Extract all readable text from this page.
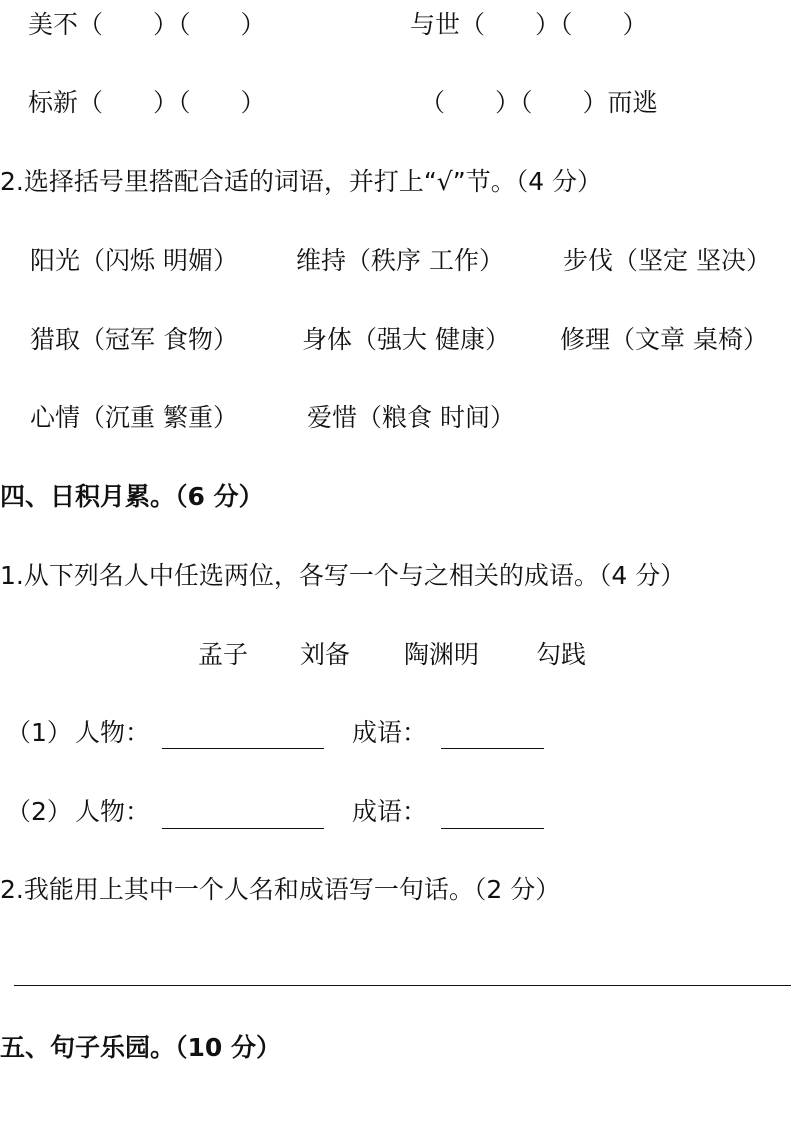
美不（　　）（　　）	与世（　　）（　　）
标新（　　）（　　）	（　　）（　　）而逃
2.选择括号里搭配合适的词语，并打上“√”节。（4 分）
阳光（闪烁 明媚） 维持（秩序 工作） 步伐（坚定 坚决）
猎取（冠军 食物）	身体（强大 健康） 修理（文章 桌椅）
心情（沉重 繁重）	爱惜（粮食 时间）
四、日积月累。（6 分）
1.从下列名人中任选两位，各写一个与之相关的成语。（4 分）
孟子 刘备 陶渊明 勾践
（1） 人物：	成语：
（2） 人物：	成语：
2.我能用上其中一个人名和成语写一句话。（2 分）
五、句子乐园。（10 分）
